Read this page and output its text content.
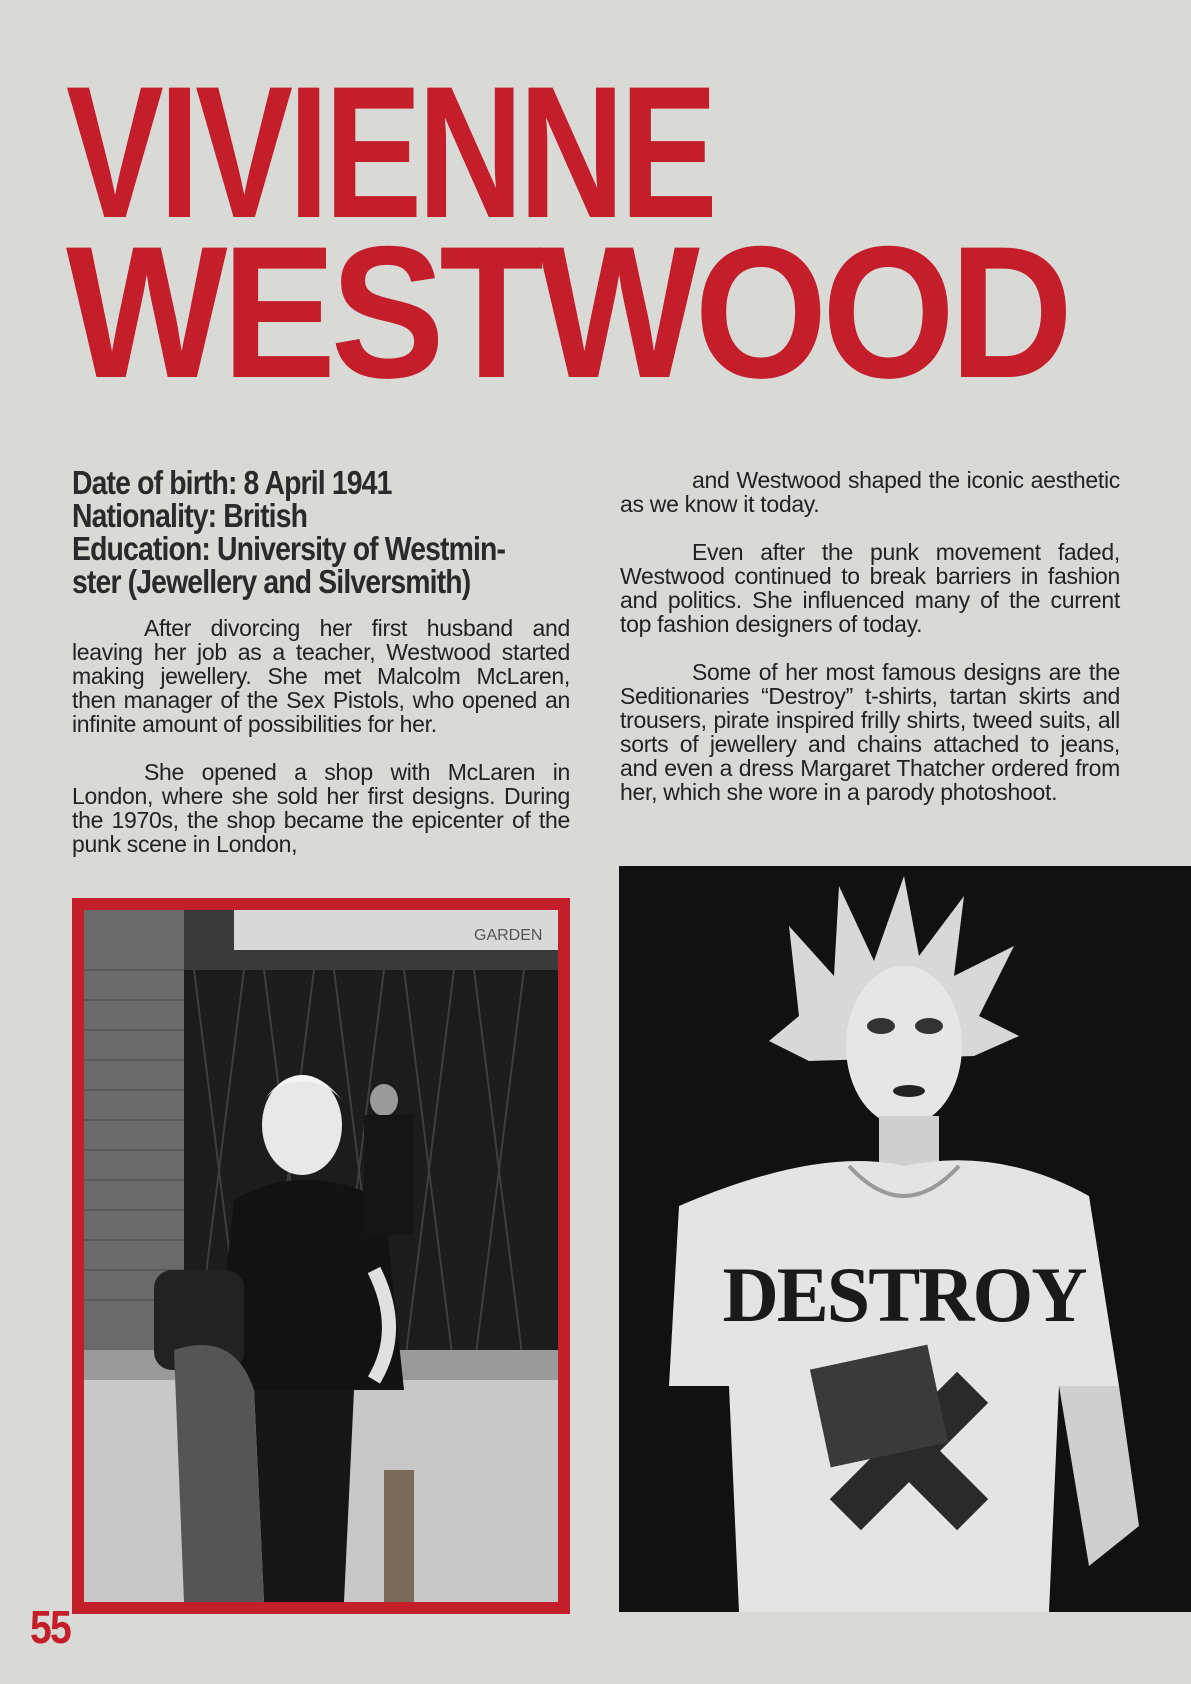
VIVIENNE
WESTWOOD
Date of birth: 8 April 1941
Nationality: British
Education: University of Westmin-
ster (Jewellery and Silversmith)

After divorcing her first husband and leaving her job as a teacher, Westwood started making jewellery. She met Malcolm McLaren, then manager of the Sex Pistols, who opened an infinite amount of possibilities for her.

She opened a shop with McLaren in London, where she sold her first designs. During the 1970s, the shop became the epicenter of the punk scene in London,

and Westwood shaped the iconic aesthetic as we know it today.

Even after the punk movement faded, Westwood continued to break barriers in fashion and politics. She influenced many of the current top fashion designers of today.

Some of her most famous designs are the Seditionaries “Destroy” t-shirts, tartan skirts and trousers, pirate inspired frilly shirts, tweed suits, all sorts of jewellery and chains attached to jeans, and even a dress Margaret Thatcher ordered from her, which she wore in a parody photoshoot.

GARDEN
DESTROY
55
